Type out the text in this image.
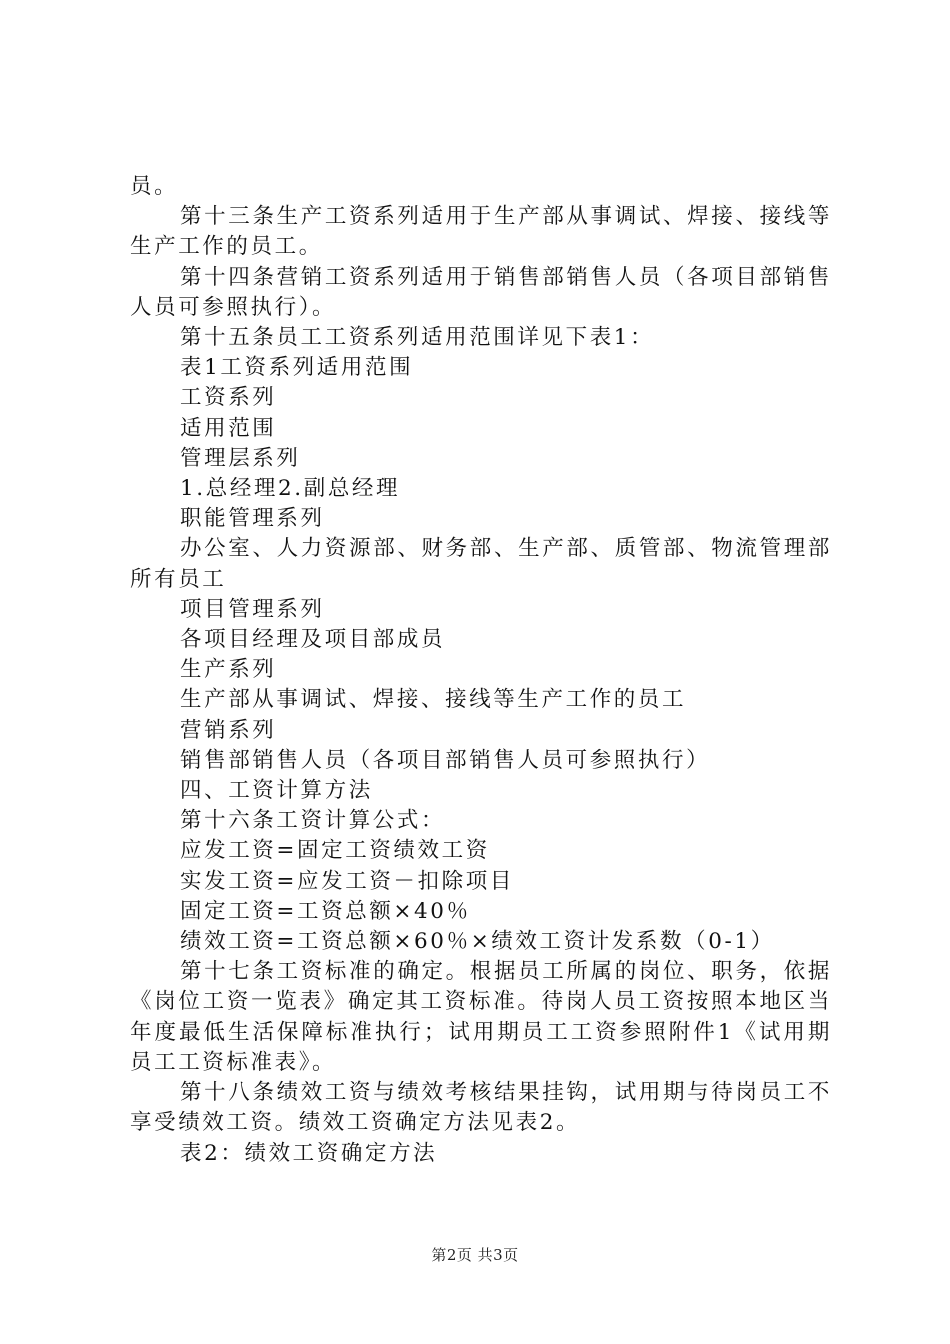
员。

第十三条生产工资系列适用于生产部从事调试、焊接、接线等生产工作的员工。

第十四条营销工资系列适用于销售部销售人员（各项目部销售人员可参照执行）。

第十五条员工工资系列适用范围详见下表1：

表1工资系列适用范围

工资系列

适用范围

管理层系列

1.总经理2.副总经理

职能管理系列

办公室、人力资源部、财务部、生产部、质管部、物流管理部所有员工

项目管理系列

各项目经理及项目部成员

生产系列

生产部从事调试、焊接、接线等生产工作的员工

营销系列

销售部销售人员（各项目部销售人员可参照执行）

四、工资计算方法

第十六条工资计算公式：

应发工资=固定工资绩效工资

实发工资=应发工资－扣除项目

固定工资=工资总额×40％

绩效工资=工资总额×60％×绩效工资计发系数（0-1）

第十七条工资标准的确定。根据员工所属的岗位、职务，依据《岗位工资一览表》确定其工资标准。待岗人员工资按照本地区当年度最低生活保障标准执行；试用期员工工资参照附件1《试用期员工工资标准表》。

第十八条绩效工资与绩效考核结果挂钩，试用期与待岗员工不享受绩效工资。绩效工资确定方法见表2。

表2：绩效工资确定方法

第2页 共3页
